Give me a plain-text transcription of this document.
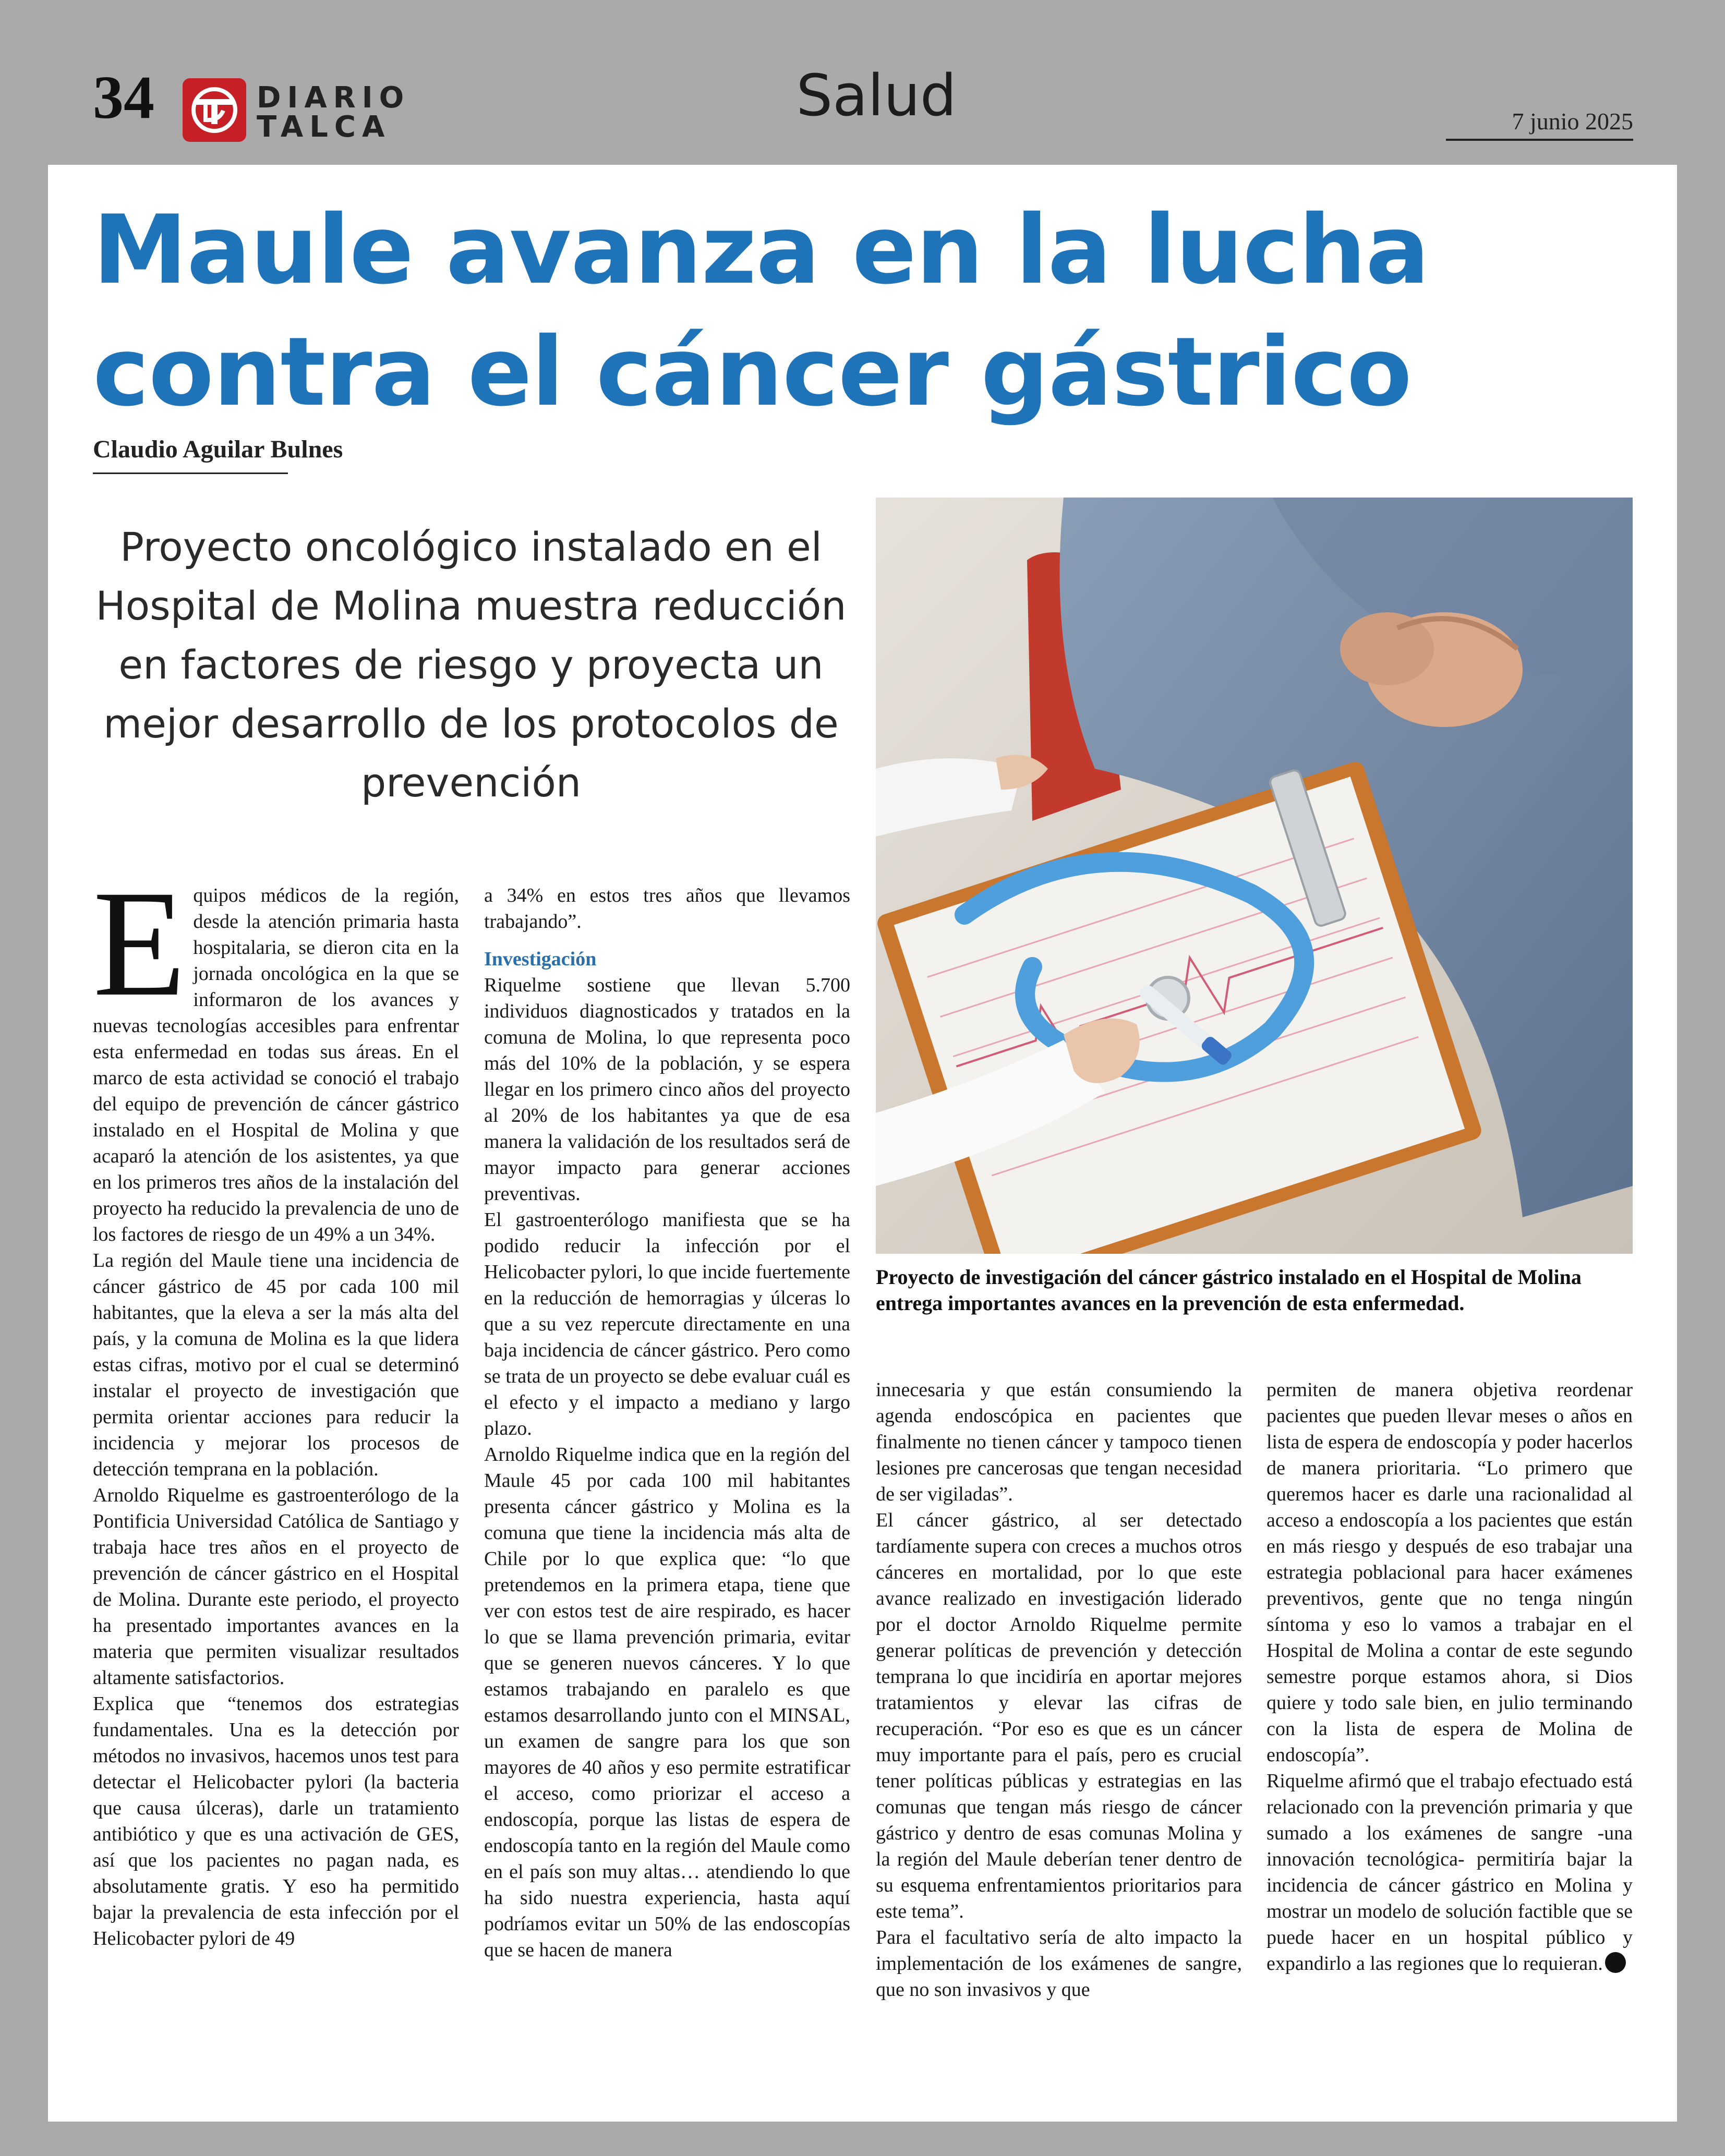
34	DIARIO
TALCA	Salud	7 junio 2025
Maule avanza en la lucha contra el cáncer gástrico
Claudio Aguilar Bulnes

Proyecto oncológico instalado en el Hospital de Molina muestra reducción en factores de riesgo y proyecta un mejor desarrollo de los protocolos de prevención

Proyecto de investigación del cáncer gástrico instalado en el Hospital de Molina entrega importantes avances en la prevención de esta enfermedad.

Equipos médicos de la región, desde la atención primaria hasta hospitalaria, se dieron cita en la jornada oncológica en la que se informaron de los avances y nuevas tecnologías accesibles para enfrentar esta enfermedad en todas sus áreas. En el marco de esta actividad se conoció el trabajo del equipo de prevención de cáncer gástrico instalado en el Hospital de Molina y que acaparó la atención de los asistentes, ya que en los primeros tres años de la instalación del proyecto ha reducido la prevalencia de uno de los factores de riesgo de un 49% a un 34%.

La región del Maule tiene una incidencia de cáncer gástrico de 45 por cada 100 mil habitantes, que la eleva a ser la más alta del país, y la comuna de Molina es la que lidera estas cifras, motivo por el cual se determinó instalar el proyecto de investigación que permita orientar acciones para reducir la incidencia y mejorar los procesos de detección temprana en la población.

Arnoldo Riquelme es gastroenterólogo de la Pontificia Universidad Católica de Santiago y trabaja hace tres años en el proyecto de prevención de cáncer gástrico en el Hospital de Molina. Durante este periodo, el proyecto ha presentado importantes avances en la materia que permiten visualizar resultados altamente satisfactorios.

Explica que “tenemos dos estrategias fundamentales. Una es la detección por métodos no invasivos, hacemos unos test para detectar el Helicobacter pylori (la bacteria que causa úlceras), darle un tratamiento antibiótico y que es una activación de GES, así que los pacientes no pagan nada, es absolutamente gratis. Y eso ha permitido bajar la prevalencia de esta infección por el Helicobacter pylori de 49

a 34% en estos tres años que llevamos trabajando”.

Investigación

Riquelme sostiene que llevan 5.700 individuos diagnosticados y tratados en la comuna de Molina, lo que representa poco más del 10% de la población, y se espera llegar en los primero cinco años del proyecto al 20% de los habitantes ya que de esa manera la validación de los resultados será de mayor impacto para generar acciones preventivas.

El gastroenterólogo manifiesta que se ha podido reducir la infección por el Helicobacter pylori, lo que incide fuertemente en la reducción de hemorragias y úlceras lo que a su vez repercute directamente en una baja incidencia de cáncer gástrico. Pero como se trata de un proyecto se debe evaluar cuál es el efecto y el impacto a mediano y largo plazo.

Arnoldo Riquelme indica que en la región del Maule 45 por cada 100 mil habitantes presenta cáncer gástrico y Molina es la comuna que tiene la incidencia más alta de Chile por lo que explica que: “lo que pretendemos en la primera etapa, tiene que ver con estos test de aire respirado, es hacer lo que se llama prevención primaria, evitar que se generen nuevos cánceres. Y lo que estamos trabajando en paralelo es que estamos desarrollando junto con el MINSAL, un examen de sangre para los que son mayores de 40 años y eso permite estratificar el acceso, como priorizar el acceso a endoscopía, porque las listas de espera de endoscopía tanto en la región del Maule como en el país son muy altas… atendiendo lo que ha sido nuestra experiencia, hasta aquí podríamos evitar un 50% de las endoscopías que se hacen de manera

innecesaria y que están consumiendo la agenda endoscópica en pacientes que finalmente no tienen cáncer y tampoco tienen lesiones pre cancerosas que tengan necesidad de ser vigiladas”.

El cáncer gástrico, al ser detectado tardíamente supera con creces a muchos otros cánceres en mortalidad, por lo que este avance realizado en investigación liderado por el doctor Arnoldo Riquelme permite generar políticas de prevención y detección temprana lo que incidiría en aportar mejores tratamientos y elevar las cifras de recuperación. “Por eso es que es un cáncer muy importante para el país, pero es crucial tener políticas públicas y estrategias en las comunas que tengan más riesgo de cáncer gástrico y dentro de esas comunas Molina y la región del Maule deberían tener dentro de su esquema enfrentamientos prioritarios para este tema”.

Para el facultativo sería de alto impacto la implementación de los exámenes de sangre, que no son invasivos y que

permiten de manera objetiva reordenar pacientes que pueden llevar meses o años en lista de espera de endoscopía y poder hacerlos de manera prioritaria. “Lo primero que queremos hacer es darle una racionalidad al acceso a endoscopía a los pacientes que están en más riesgo y después de eso trabajar una estrategia poblacional para hacer exámenes preventivos, gente que no tenga ningún síntoma y eso lo vamos a trabajar en el Hospital de Molina a contar de este segundo semestre porque estamos ahora, si Dios quiere y todo sale bien, en julio terminando con la lista de espera de Molina de endoscopía”.

Riquelme afirmó que el trabajo efectuado está relacionado con la prevención primaria y que sumado a los exámenes de sangre -una innovación tecnológica- permitiría bajar la incidencia de cáncer gástrico en Molina y mostrar un modelo de solución factible que se puede hacer en un hospital público y expandirlo a las regiones que lo requieran.
